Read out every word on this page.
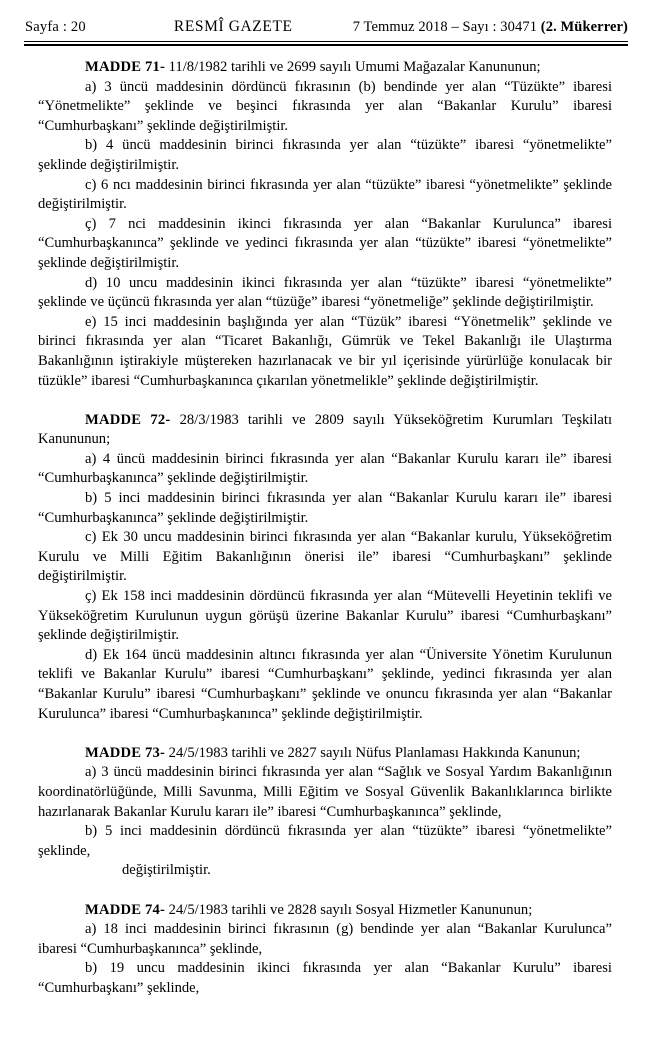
Sayfa : 20	RESMÎ GAZETE	7 Temmuz 2018 – Sayı : 30471 (2. Mükerrer)

MADDE 71- 11/8/1982 tarihli ve 2699 sayılı Umumi Mağazalar Kanununun;

a) 3 üncü maddesinin dördüncü fıkrasının (b) bendinde yer alan “Tüzükte” ibaresi “Yönetmelikte” şeklinde ve beşinci fıkrasında yer alan “Bakanlar Kurulu” ibaresi “Cumhurbaşkanı” şeklinde değiştirilmiştir.

b) 4 üncü maddesinin birinci fıkrasında yer alan “tüzükte” ibaresi “yönetmelikte” şeklinde değiştirilmiştir.

c) 6 ncı maddesinin birinci fıkrasında yer alan “tüzükte” ibaresi “yönetmelikte” şeklinde değiştirilmiştir.

ç) 7 nci maddesinin ikinci fıkrasında yer alan “Bakanlar Kurulunca” ibaresi “Cumhurbaşkanınca” şeklinde ve yedinci fıkrasında yer alan “tüzükte” ibaresi “yönetmelikte” şeklinde değiştirilmiştir.

d) 10 uncu maddesinin ikinci fıkrasında yer alan “tüzükte” ibaresi “yönetmelikte” şeklinde ve üçüncü fıkrasında yer alan “tüzüğe” ibaresi “yönetmeliğe” şeklinde değiştirilmiştir.

e) 15 inci maddesinin başlığında yer alan “Tüzük” ibaresi “Yönetmelik” şeklinde ve birinci fıkrasında yer alan “Ticaret Bakanlığı, Gümrük ve Tekel Bakanlığı ile Ulaştırma Bakanlığının iştirakiyle müştereken hazırlanacak ve bir yıl içerisinde yürürlüğe konulacak bir tüzükle” ibaresi “Cumhurbaşkanınca çıkarılan yönetmelikle” şeklinde değiştirilmiştir.

MADDE 72- 28/3/1983 tarihli ve 2809 sayılı Yükseköğretim Kurumları Teşkilatı Kanununun;

a) 4 üncü maddesinin birinci fıkrasında yer alan “Bakanlar Kurulu kararı ile” ibaresi “Cumhurbaşkanınca” şeklinde değiştirilmiştir.

b) 5 inci maddesinin birinci fıkrasında yer alan “Bakanlar Kurulu kararı ile” ibaresi “Cumhurbaşkanınca” şeklinde değiştirilmiştir.

c) Ek 30 uncu maddesinin birinci fıkrasında yer alan “Bakanlar kurulu, Yükseköğretim Kurulu ve Milli Eğitim Bakanlığının önerisi ile” ibaresi “Cumhurbaşkanı” şeklinde değiştirilmiştir.

ç) Ek 158 inci maddesinin dördüncü fıkrasında yer alan “Mütevelli Heyetinin teklifi ve Yükseköğretim Kurulunun uygun görüşü üzerine Bakanlar Kurulu” ibaresi “Cumhurbaşkanı” şeklinde değiştirilmiştir.

d) Ek 164 üncü maddesinin altıncı fıkrasında yer alan “Üniversite Yönetim Kurulunun teklifi ve Bakanlar Kurulu” ibaresi “Cumhurbaşkanı” şeklinde, yedinci fıkrasında yer alan “Bakanlar Kurulu” ibaresi “Cumhurbaşkanı” şeklinde ve onuncu fıkrasında yer alan “Bakanlar Kurulunca” ibaresi “Cumhurbaşkanınca” şeklinde değiştirilmiştir.

MADDE 73- 24/5/1983 tarihli ve 2827 sayılı Nüfus Planlaması Hakkında Kanunun;

a) 3 üncü maddesinin birinci fıkrasında yer alan “Sağlık ve Sosyal Yardım Bakanlığının koordinatörlüğünde, Milli Savunma, Milli Eğitim ve Sosyal Güvenlik Bakanlıklarınca birlikte hazırlanarak Bakanlar Kurulu kararı ile” ibaresi “Cumhurbaşkanınca” şeklinde,

b) 5 inci maddesinin dördüncü fıkrasında yer alan “tüzükte” ibaresi “yönetmelikte” şeklinde,

değiştirilmiştir.

MADDE 74- 24/5/1983 tarihli ve 2828 sayılı Sosyal Hizmetler Kanununun;

a) 18 inci maddesinin birinci fıkrasının (g) bendinde yer alan “Bakanlar Kurulunca” ibaresi “Cumhurbaşkanınca” şeklinde,

b) 19 uncu maddesinin ikinci fıkrasında yer alan “Bakanlar Kurulu” ibaresi “Cumhurbaşkanı” şeklinde,
